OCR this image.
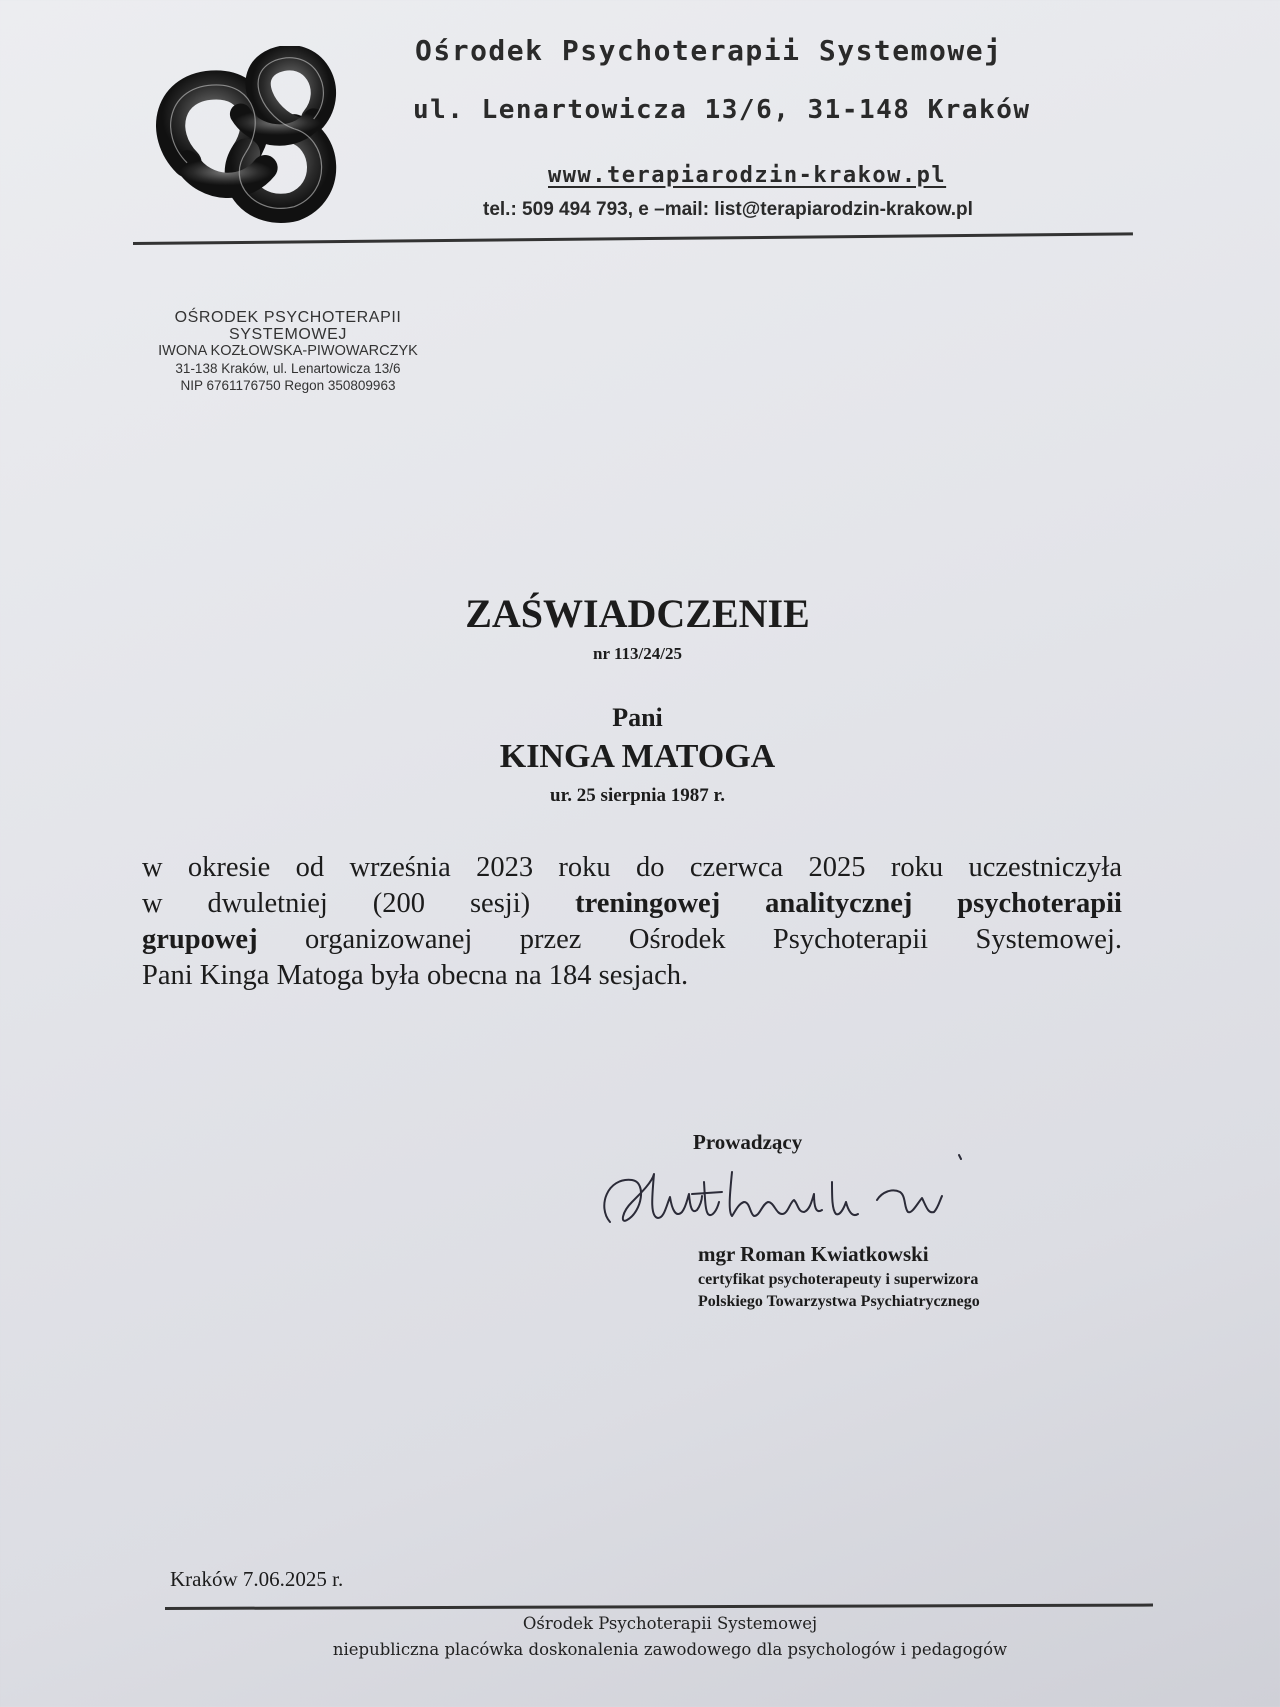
Ośrodek Psychoterapii Systemowej
ul. Lenartowicza 13/6, 31-148 Kraków
www.terapiarodzin-krakow.pl
tel.: 509 494 793, e –mail: list@terapiarodzin-krakow.pl
OŚRODEK PSYCHOTERAPII
SYSTEMOWEJ
IWONA KOZŁOWSKA-PIWOWARCZYK
31-138 Kraków, ul. Lenartowicza 13/6
NIP 6761176750 Regon 350809963
ZAŚWIADCZENIE
nr 113/24/25
Pani
KINGA MATOGA
ur. 25 sierpnia 1987 r.
w okresie od września 2023 roku do czerwca 2025 roku uczestniczyła
w dwuletniej (200 sesji) treningowej analitycznej psychoterapii
grupowej organizowanej przez Ośrodek Psychoterapii Systemowej.
Pani Kinga Matoga była obecna na 184 sesjach.
Prowadzący
mgr Roman Kwiatkowski
certyfikat psychoterapeuty i superwizora
Polskiego Towarzystwa Psychiatrycznego
Kraków 7.06.2025 r.
Ośrodek Psychoterapii Systemowej
niepubliczna placówka doskonalenia zawodowego dla psychologów i pedagogów
